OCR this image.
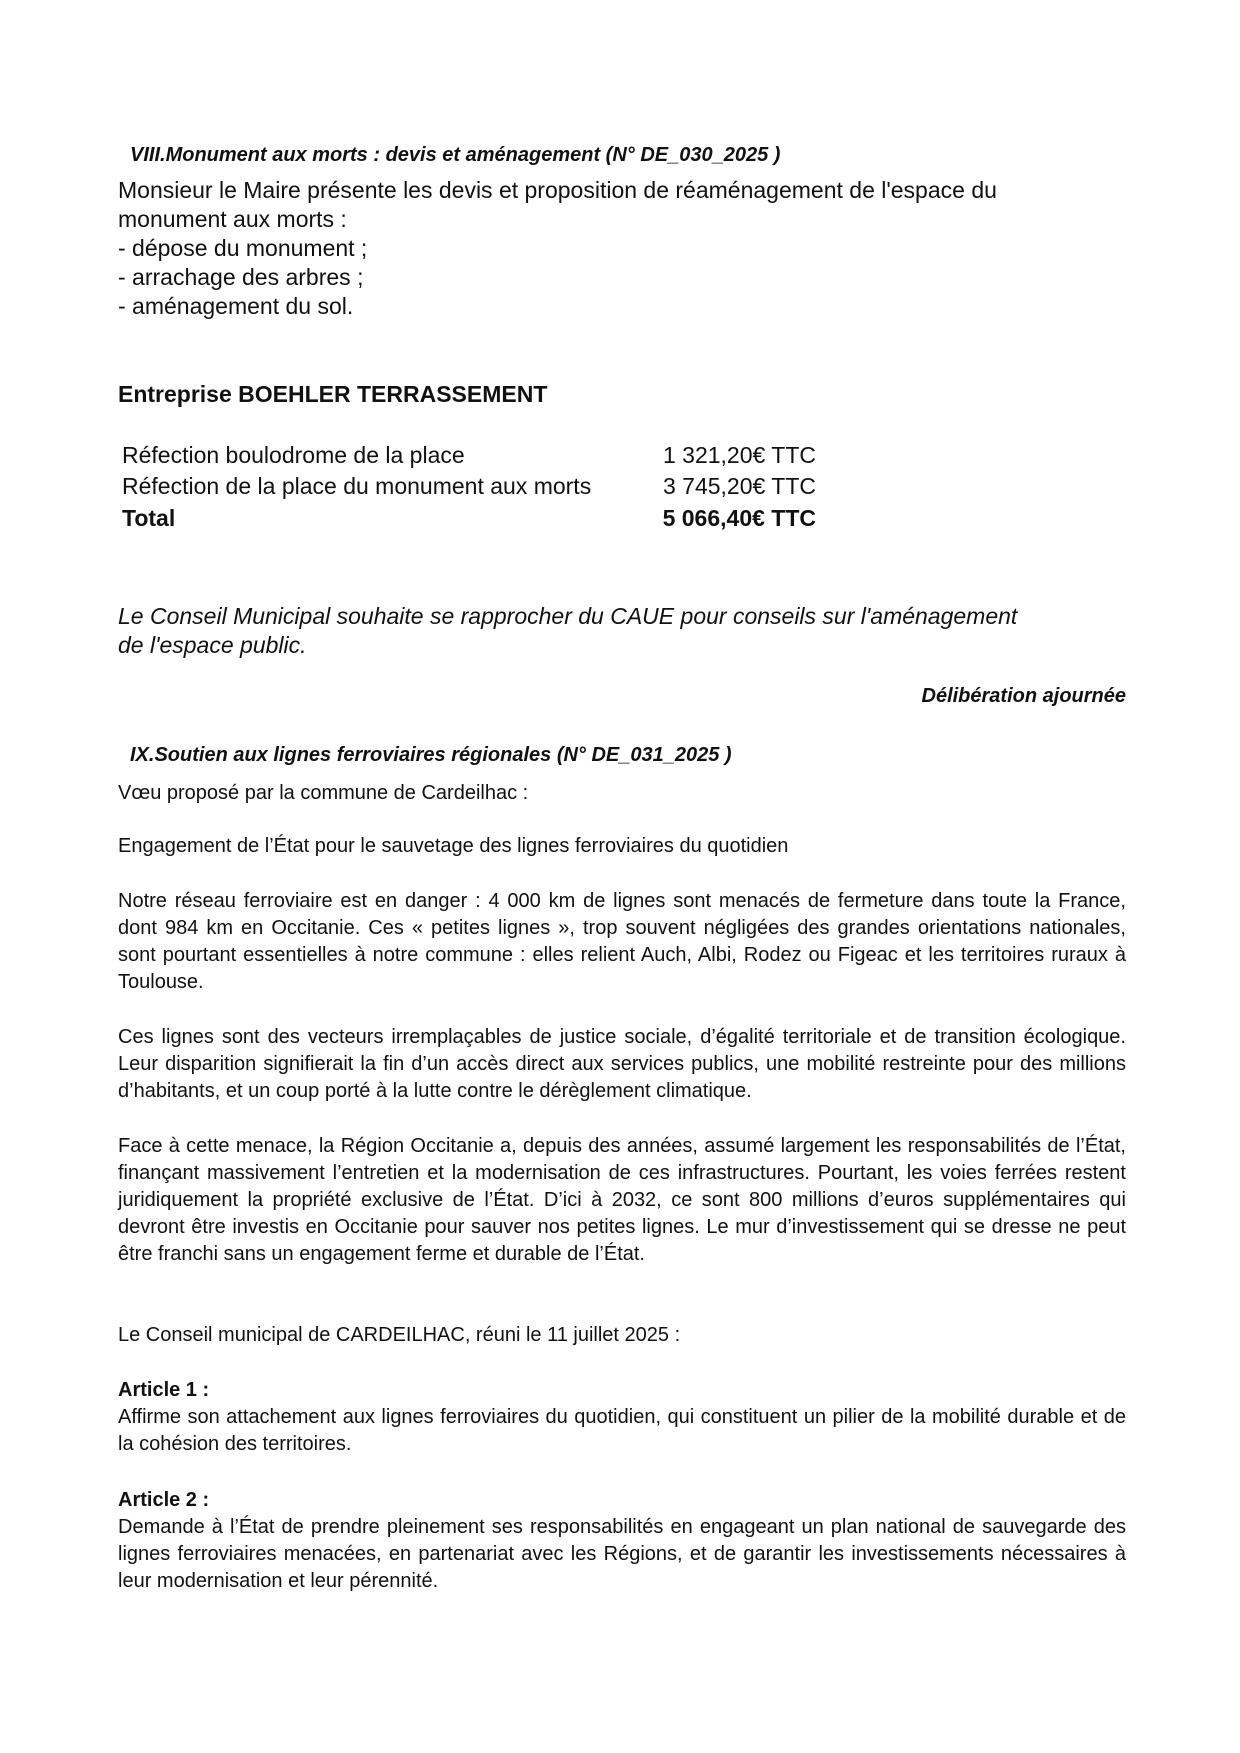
VIII.Monument aux morts : devis et aménagement (N° DE_030_2025 )

Monsieur le Maire présente les devis et proposition de réaménagement de l'espace du

monument aux morts :

- dépose du monument ;

- arrachage des arbres ;

- aménagement du sol.

Entreprise BOEHLER TERRASSEMENT

Réfection boulodrome de la place	1 321,20€ TTC

Réfection de la place du monument aux morts	3 745,20€ TTC

Total	5 066,40€ TTC

Le Conseil Municipal souhaite se rapprocher du CAUE pour conseils sur l'aménagement

de l'espace public.

Délibération ajournée

IX.Soutien aux lignes ferroviaires régionales (N° DE_031_2025 )

Vœu proposé par la commune de Cardeilhac :

Engagement de l’État pour le sauvetage des lignes ferroviaires du quotidien

Notre réseau ferroviaire est en danger : 4 000 km de lignes sont menacés de fermeture dans toute la France, dont 984 km en Occitanie. Ces « petites lignes », trop souvent négligées des grandes orientations nationales, sont pourtant essentielles à notre commune : elles relient Auch, Albi, Rodez ou Figeac et les territoires ruraux à Toulouse.

Ces lignes sont des vecteurs irremplaçables de justice sociale, d’égalité territoriale et de transition écologique. Leur disparition signifierait la fin d’un accès direct aux services publics, une mobilité restreinte pour des millions d’habitants, et un coup porté à la lutte contre le dérèglement climatique.

Face à cette menace, la Région Occitanie a, depuis des années, assumé largement les responsabilités de l’État, finançant massivement l’entretien et la modernisation de ces infrastructures. Pourtant, les voies ferrées restent juridiquement la propriété exclusive de l’État. D’ici à 2032, ce sont 800 millions d’euros supplémentaires qui devront être investis en Occitanie pour sauver nos petites lignes. Le mur d’investissement qui se dresse ne peut être franchi sans un engagement ferme et durable de l’État.

Le Conseil municipal de CARDEILHAC, réuni le 11 juillet 2025 :

Article 1 :

Affirme son attachement aux lignes ferroviaires du quotidien, qui constituent un pilier de la mobilité durable et de la cohésion des territoires.

Article 2 :

Demande à l’État de prendre pleinement ses responsabilités en engageant un plan national de sauvegarde des lignes ferroviaires menacées, en partenariat avec les Régions, et de garantir les investissements nécessaires à leur modernisation et leur pérennité.
